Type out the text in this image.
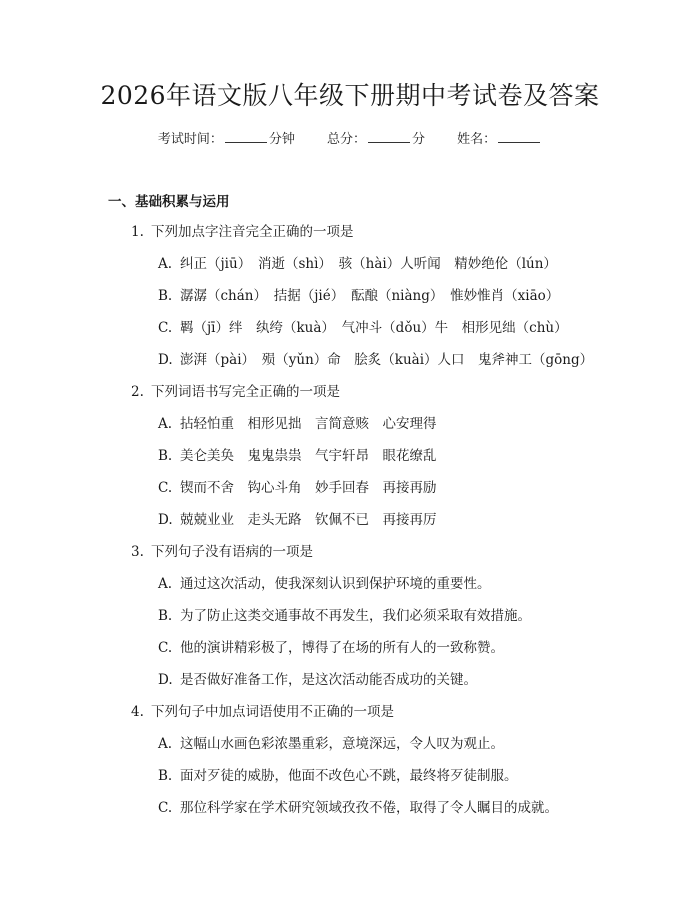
2026年语文版八年级下册期中考试卷及答案
考试时间：	分钟 总分：	分 姓名：
一、基础积累与运用
1. 下列加点字注音完全正确的一项是
A. 纠正（jiū）　消逝（shì）　骇（hài）人听闻　精妙绝伦（lún）
B. 潺潺（chán）　拮据（jié）　酝酿（niàng）　惟妙惟肖（xiāo）
C. 羁（jī）绊　纨绔（kuà）　气冲斗（dǒu）牛　相形见绌（chù）
D. 澎湃（pài）　殒（yǔn）命　脍炙（kuài）人口　鬼斧神工（gōng）
2. 下列词语书写完全正确的一项是
A. 拈轻怕重　相形见拙　言简意赅　心安理得
B. 美仑美奂　鬼鬼祟祟　气宇轩昂　眼花缭乱
C. 锲而不舍　钩心斗角　妙手回春　再接再励
D. 兢兢业业　走头无路　钦佩不已　再接再厉
3. 下列句子没有语病的一项是
A. 通过这次活动，使我深刻认识到保护环境的重要性。
B. 为了防止这类交通事故不再发生，我们必须采取有效措施。
C. 他的演讲精彩极了，博得了在场的所有人的一致称赞。
D. 是否做好准备工作，是这次活动能否成功的关键。
4. 下列句子中加点词语使用不正确的一项是
A. 这幅山水画色彩浓墨重彩，意境深远，令人叹为观止。
B. 面对歹徒的威胁，他面不改色心不跳，最终将歹徒制服。
C. 那位科学家在学术研究领域孜孜不倦，取得了令人瞩目的成就。
